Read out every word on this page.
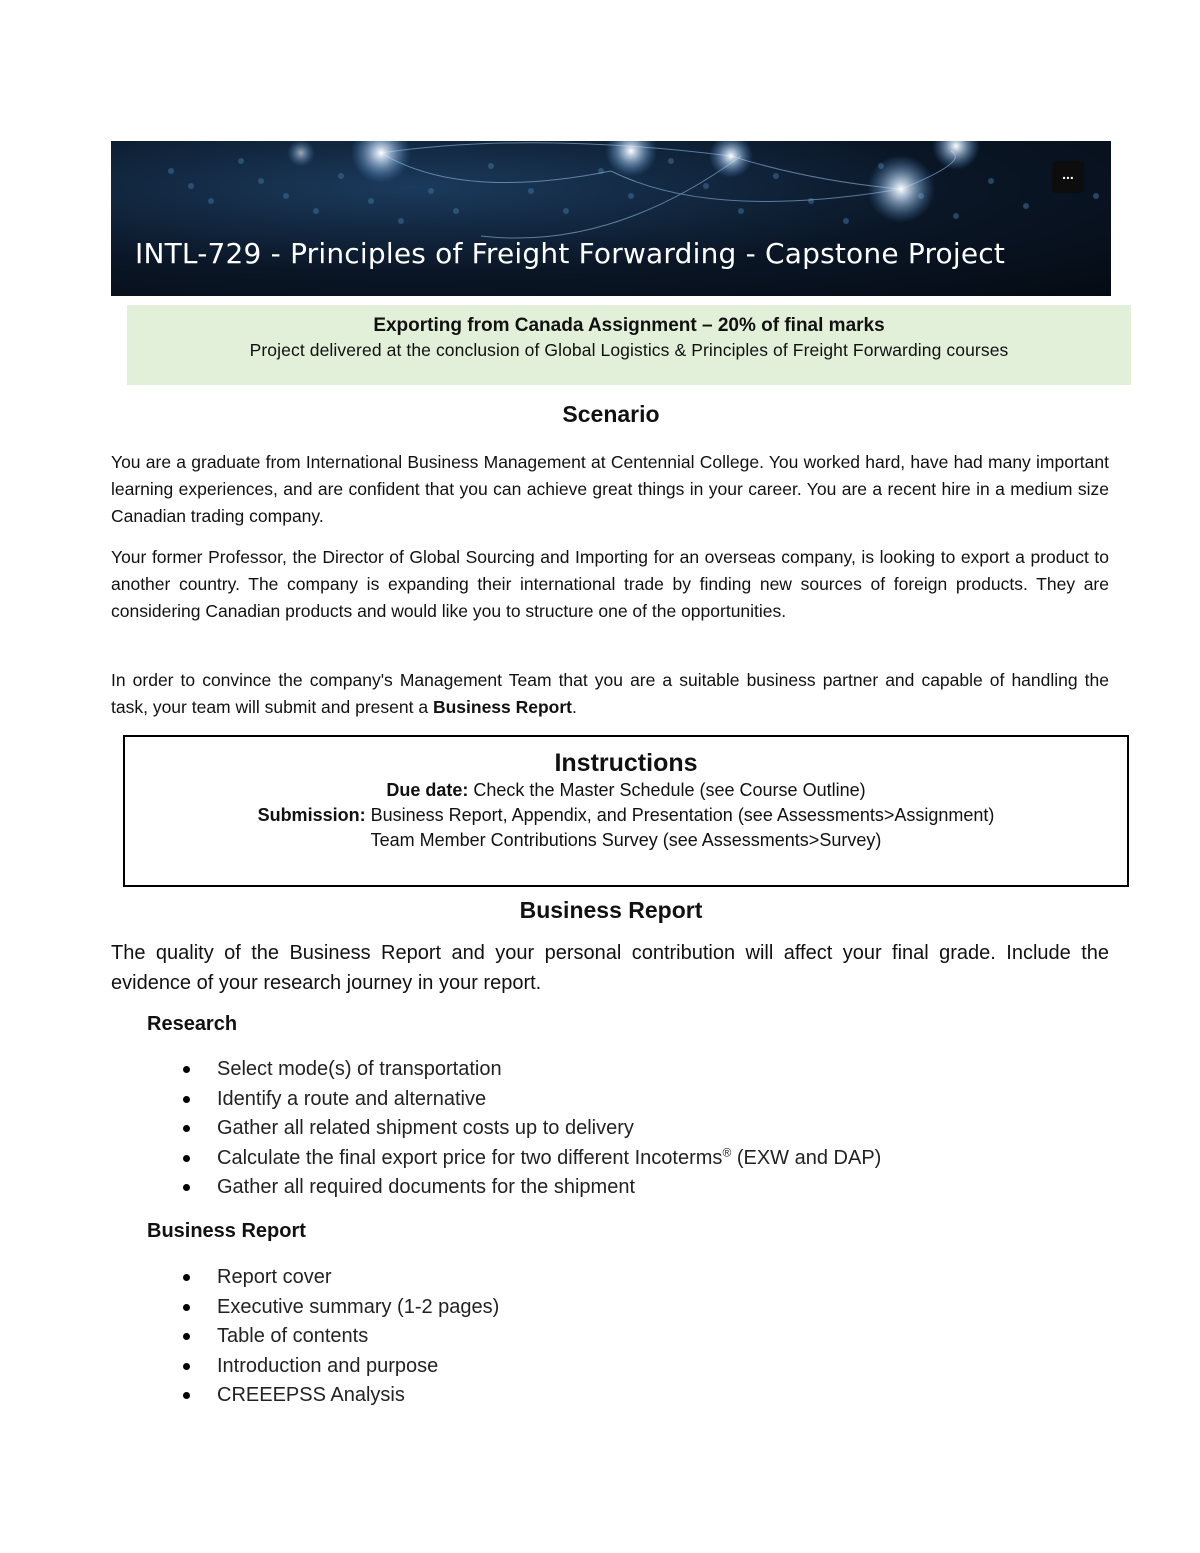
INTL-729 - Principles of Freight Forwarding - Capstone Project
...
Exporting from Canada Assignment – 20% of final marks
Project delivered at the conclusion of Global Logistics & Principles of Freight Forwarding courses
Scenario
You are a graduate from International Business Management at Centennial College. You worked hard, have had many important learning experiences, and are confident that you can achieve great things in your career. You are a recent hire in a medium size Canadian trading company.
Your former Professor, the Director of Global Sourcing and Importing for an overseas company, is looking to export a product to another country. The company is expanding their international trade by finding new sources of foreign products. They are considering Canadian products and would like you to structure one of the opportunities.
In order to convince the company's Management Team that you are a suitable business partner and capable of handling the task, your team will submit and present a Business Report.
Instructions
Due date: Check the Master Schedule (see Course Outline)
Submission: Business Report, Appendix, and Presentation (see Assessments>Assignment)
Team Member Contributions Survey (see Assessments>Survey)
Business Report
The quality of the Business Report and your personal contribution will affect your final grade. Include the evidence of your research journey in your report.
Research
Select mode(s) of transportation
Identify a route and alternative
Gather all related shipment costs up to delivery
Calculate the final export price for two different Incoterms® (EXW and DAP)
Gather all required documents for the shipment
Business Report
Report cover
Executive summary (1-2 pages)
Table of contents
Introduction and purpose
CREEEPSS Analysis
